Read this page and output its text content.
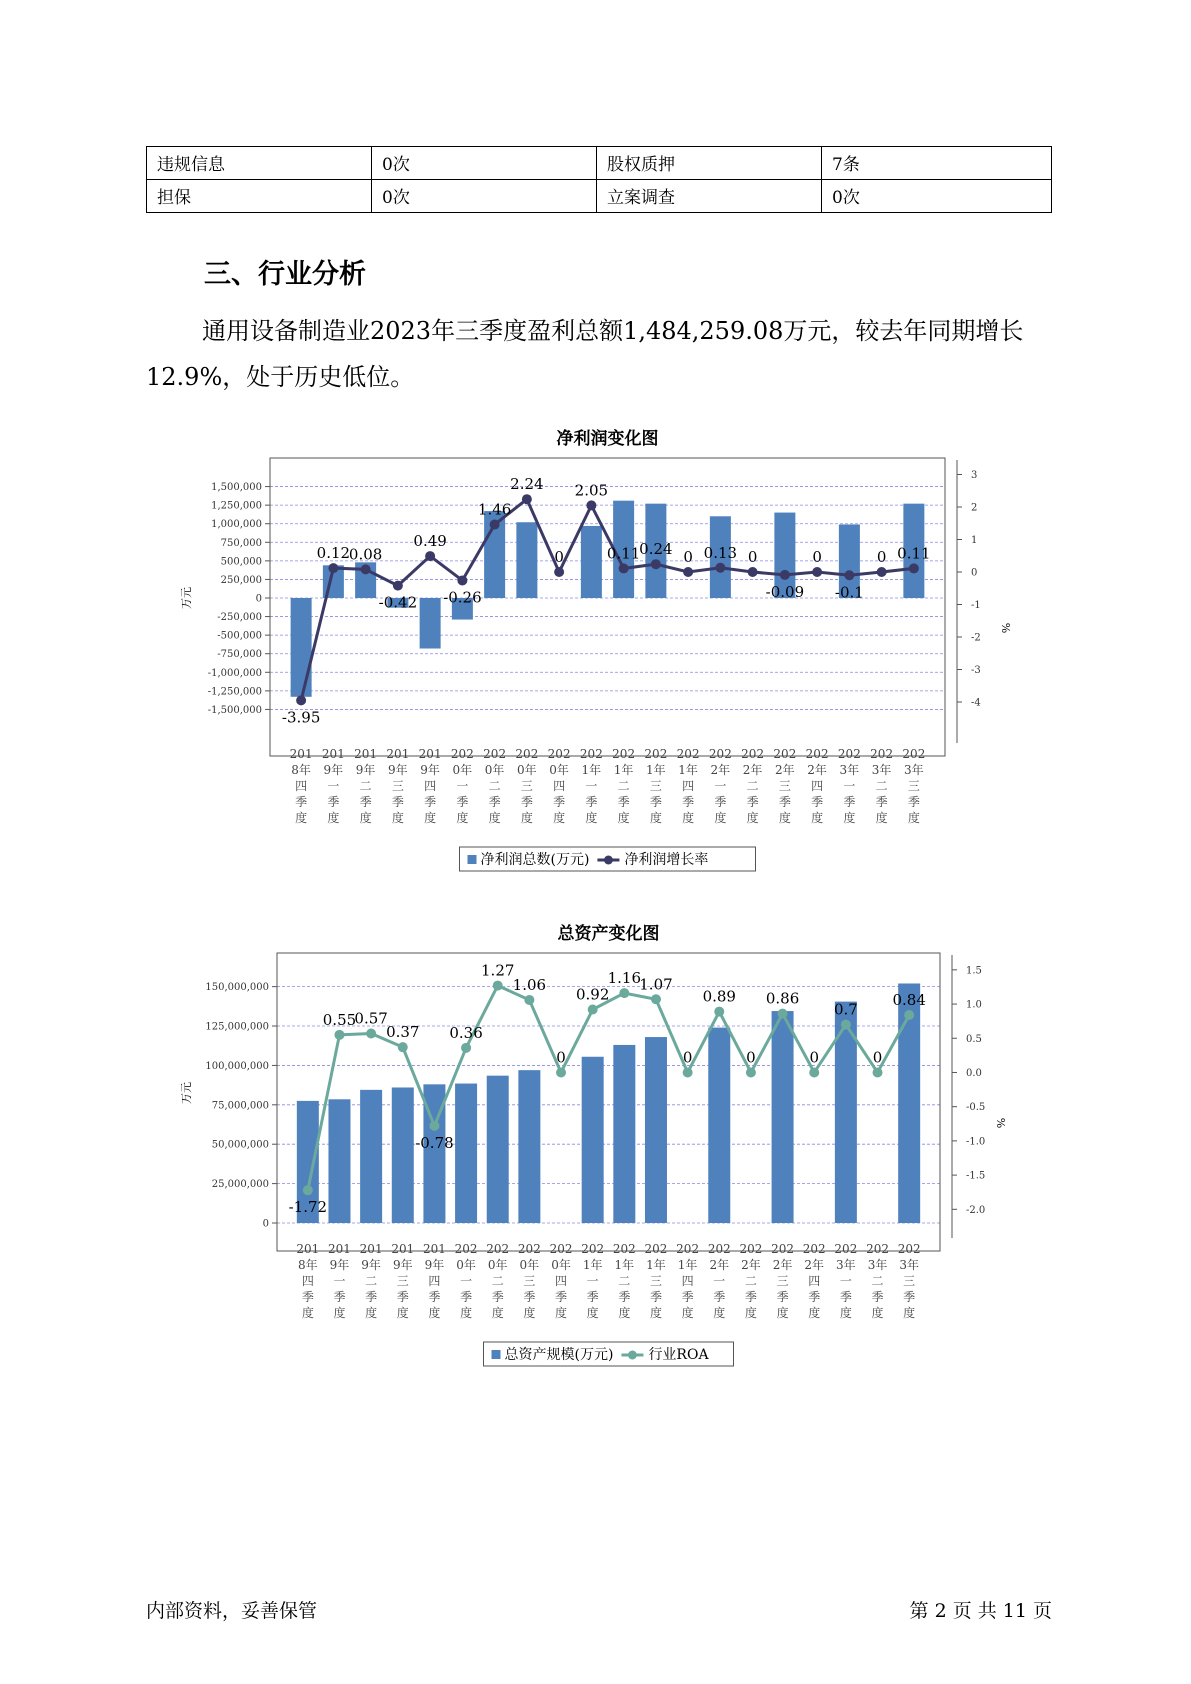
违规信息	0次	股权质押	7条
担保	0次	立案调查	0次
三、行业分析

通用设备制造业2023年三季度盈利总额1,484,259.08万元，较去年同期增长12.9%，处于历史低位。

净利润变化图
-1,500,000
-1,250,000
-1,000,000
-750,000
-500,000
-250,000
0
250,000
500,000
750,000
1,000,000
1,250,000
1,500,000
-4
-3
-2
-1
0
1
2
3
万元
%
-3.95
0.12
0.08
-0.42
0.49
-0.26
1.46
2.24
0
2.05
0.11
0.24 0 0.13 0
-0.09
0
-0.1
0 0.11
201
8年
四
季
度
201
9年
一
季
度
201
9年
二
季
度
201
9年
三
季
度
201
9年
四
季
度
202
0年
一
季
度
202
0年
二
季
度
202
0年
三
季
度
202
0年
四
季
度
202
1年
一
季
度
202
1年
二
季
度
202
1年
三
季
度
202
1年
四
季
度
202
2年
一
季
度
202
2年
二
季
度
202
2年
三
季
度
202
2年
四
季
度
202
3年
一
季
度
202
3年
二
季
度
202
3年
三
季
度
净利润总数(万元)	净利润增长率
总资产变化图
0
25,000,000
50,000,000
75,000,000
100,000,000
125,000,000
150,000,000
-2.0
-1.5
-1.0
-0.5
0.0
0.5
1.0
1.5
万元
%
-1.72
0.55
0.57
0.37
-0.78
0.36
1.27
1.06
0
0.92
1.16
1.07
0
0.89
0
0.86
0
0.7
0
0.84
201
8年
四
季
度
201
9年
一
季
度
201
9年
二
季
度
201
9年
三
季
度
201
9年
四
季
度
202
0年
一
季
度
202
0年
二
季
度
202
0年
三
季
度
202
0年
四
季
度
202
1年
一
季
度
202
1年
二
季
度
202
1年
三
季
度
202
1年
四
季
度
202
2年
一
季
度
202
2年
二
季
度
202
2年
三
季
度
202
2年
四
季
度
202
3年
一
季
度
202
3年
二
季
度
202
3年
三
季
度
总资产规模(万元)	行业ROA
内部资料，妥善保管	第 2 页 共 11 页
